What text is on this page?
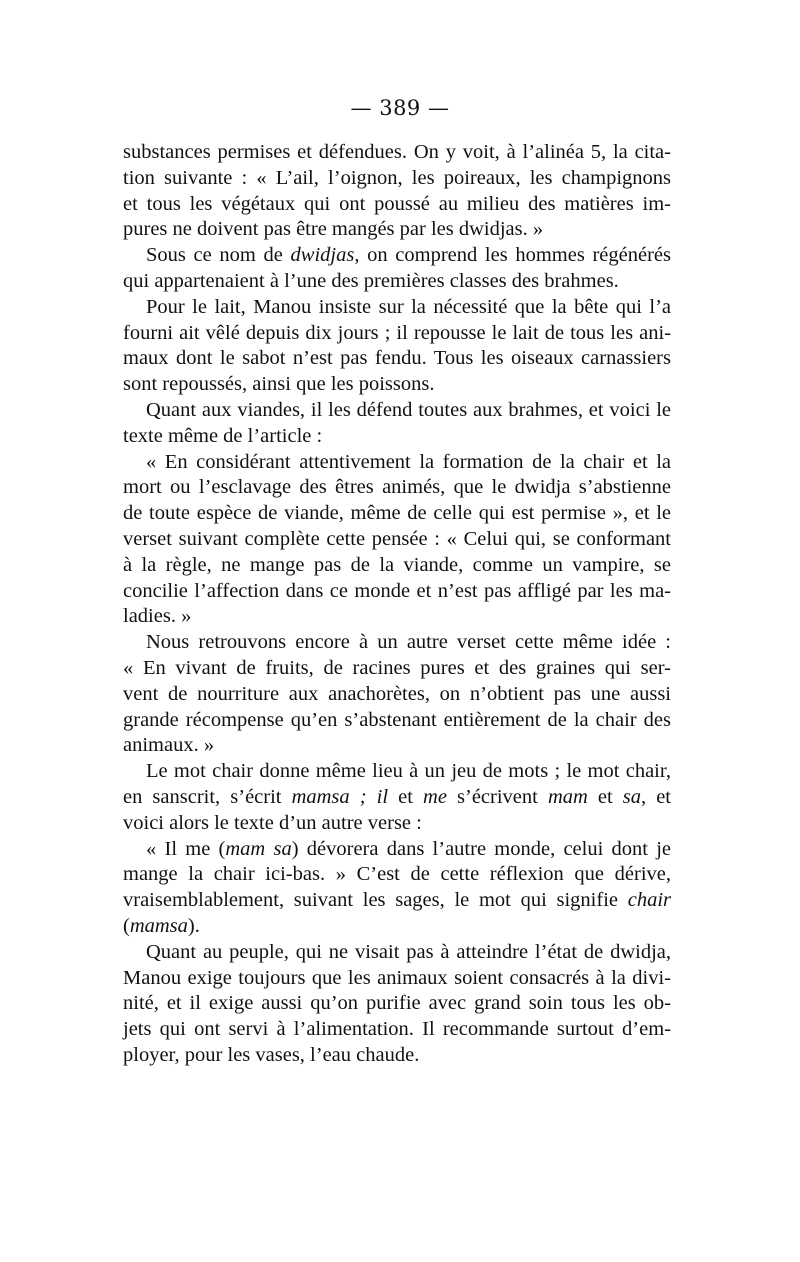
— 389 —
substances permises et défendues. On y voit, à l’alinéa 5, la cita-
tion suivante : « L’ail, l’oignon, les poireaux, les champignons
et tous les végétaux qui ont poussé au milieu des matières im-
pures ne doivent pas être mangés par les dwidjas. »
Sous ce nom de dwidjas, on comprend les hommes régénérés
qui appartenaient à l’une des premières classes des brahmes.
Pour le lait, Manou insiste sur la nécessité que la bête qui l’a
fourni ait vêlé depuis dix jours ; il repousse le lait de tous les ani-
maux dont le sabot n’est pas fendu. Tous les oiseaux carnassiers
sont repoussés, ainsi que les poissons.
Quant aux viandes, il les défend toutes aux brahmes, et voici le
texte même de l’article :
« En considérant attentivement la formation de la chair et la
mort ou l’esclavage des êtres animés, que le dwidja s’abstienne
de toute espèce de viande, même de celle qui est permise », et le
verset suivant complète cette pensée : « Celui qui, se conformant
à la règle, ne mange pas de la viande, comme un vampire, se
concilie l’affection dans ce monde et n’est pas affligé par les ma-
ladies. »
Nous retrouvons encore à un autre verset cette même idée :
« En vivant de fruits, de racines pures et des graines qui ser-
vent de nourriture aux anachorètes, on n’obtient pas une aussi
grande récompense qu’en s’abstenant entièrement de la chair des
animaux. »
Le mot chair donne même lieu à un jeu de mots ; le mot chair,
en sanscrit, s’écrit mamsa ; il et me s’écrivent mam et sa, et
voici alors le texte d’un autre verse :
« Il me (mam sa) dévorera dans l’autre monde, celui dont je
mange la chair ici-bas. » C’est de cette réflexion que dérive,
vraisemblablement, suivant les sages, le mot qui signifie chair
(mamsa).
Quant au peuple, qui ne visait pas à atteindre l’état de dwidja,
Manou exige toujours que les animaux soient consacrés à la divi-
nité, et il exige aussi qu’on purifie avec grand soin tous les ob-
jets qui ont servi à l’alimentation. Il recommande surtout d’em-
ployer, pour les vases, l’eau chaude.
